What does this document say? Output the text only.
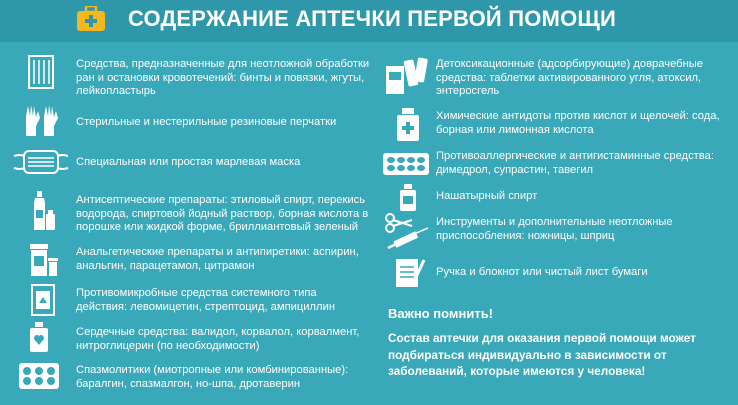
СОДЕРЖАНИЕ АПТЕЧКИ ПЕРВОЙ ПОМОЩИ
Средства, предназначенные для неотложной обработки ран и остановки кровотечений: бинты и повязки, жгуты, лейкопластырь
Стерильные и нестерильные резиновые перчатки
Специальная или простая марлевая маска
Антисептические препараты: этиловый спирт, перекись водорода, спиртовой йодный раствор, борная кислота в порошке или жидкой форме, бриллиантовый зеленый
Анальгетические препараты и антипиретики: аспирин, анальгин, парацетамол, цитрамон
Противомикробные средства системного типа действия: левомицетин, стрептоцид, ампициллин
Сердечные средства: валидол, корвалол, корвалмент, нитроглицерин (по необходимости)
Спазмолитики (миотропные или комбинированные): баралгин, спазмалгон, но-шпа, дротаверин
Детоксикационные (адсорбирующие) доврачебные средства: таблетки активированного угля, атоксил, энтеросгель
Химические антидоты против кислот и щелочей: сода, борная или лимонная кислота
Противоаллергические и антигистаминные средства: димедрол, супрастин, тавегил
Нашатырный спирт
Инструменты и дополнительные неотложные приспособления: ножницы, шприц
Ручка и блокнот или чистый лист бумаги
Важно помнить!
Состав аптечки для оказания первой помощи может подбираться индивидуально в зависимости от заболеваний, которые имеются у человека!
